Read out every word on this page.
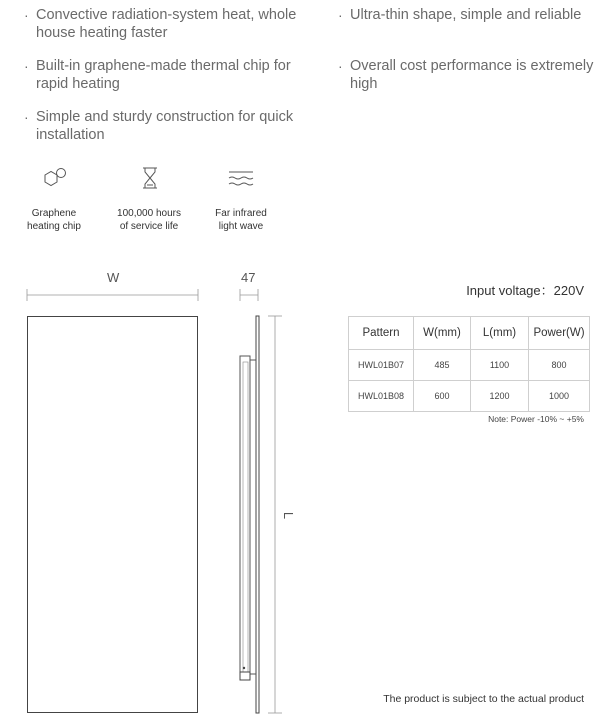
· Convective radiation-system heat, whole house heating faster
· Built-in graphene-made thermal chip for rapid heating
· Simple and sturdy construction for quick installation
· Ultra-thin shape, simple and reliable
· Overall cost performance is extremely high
Graphene
heating chip
100,000 hours
of service life
Far infrared
light wave
W	47
L
Input voltage：220V
Pattern	W(mm)	L(mm)	Power(W)
HWL01B07	485	1100	800
HWL01B08	600	1200	1000
Note: Power -10% ~ +5%
The product is subject to the actual product
